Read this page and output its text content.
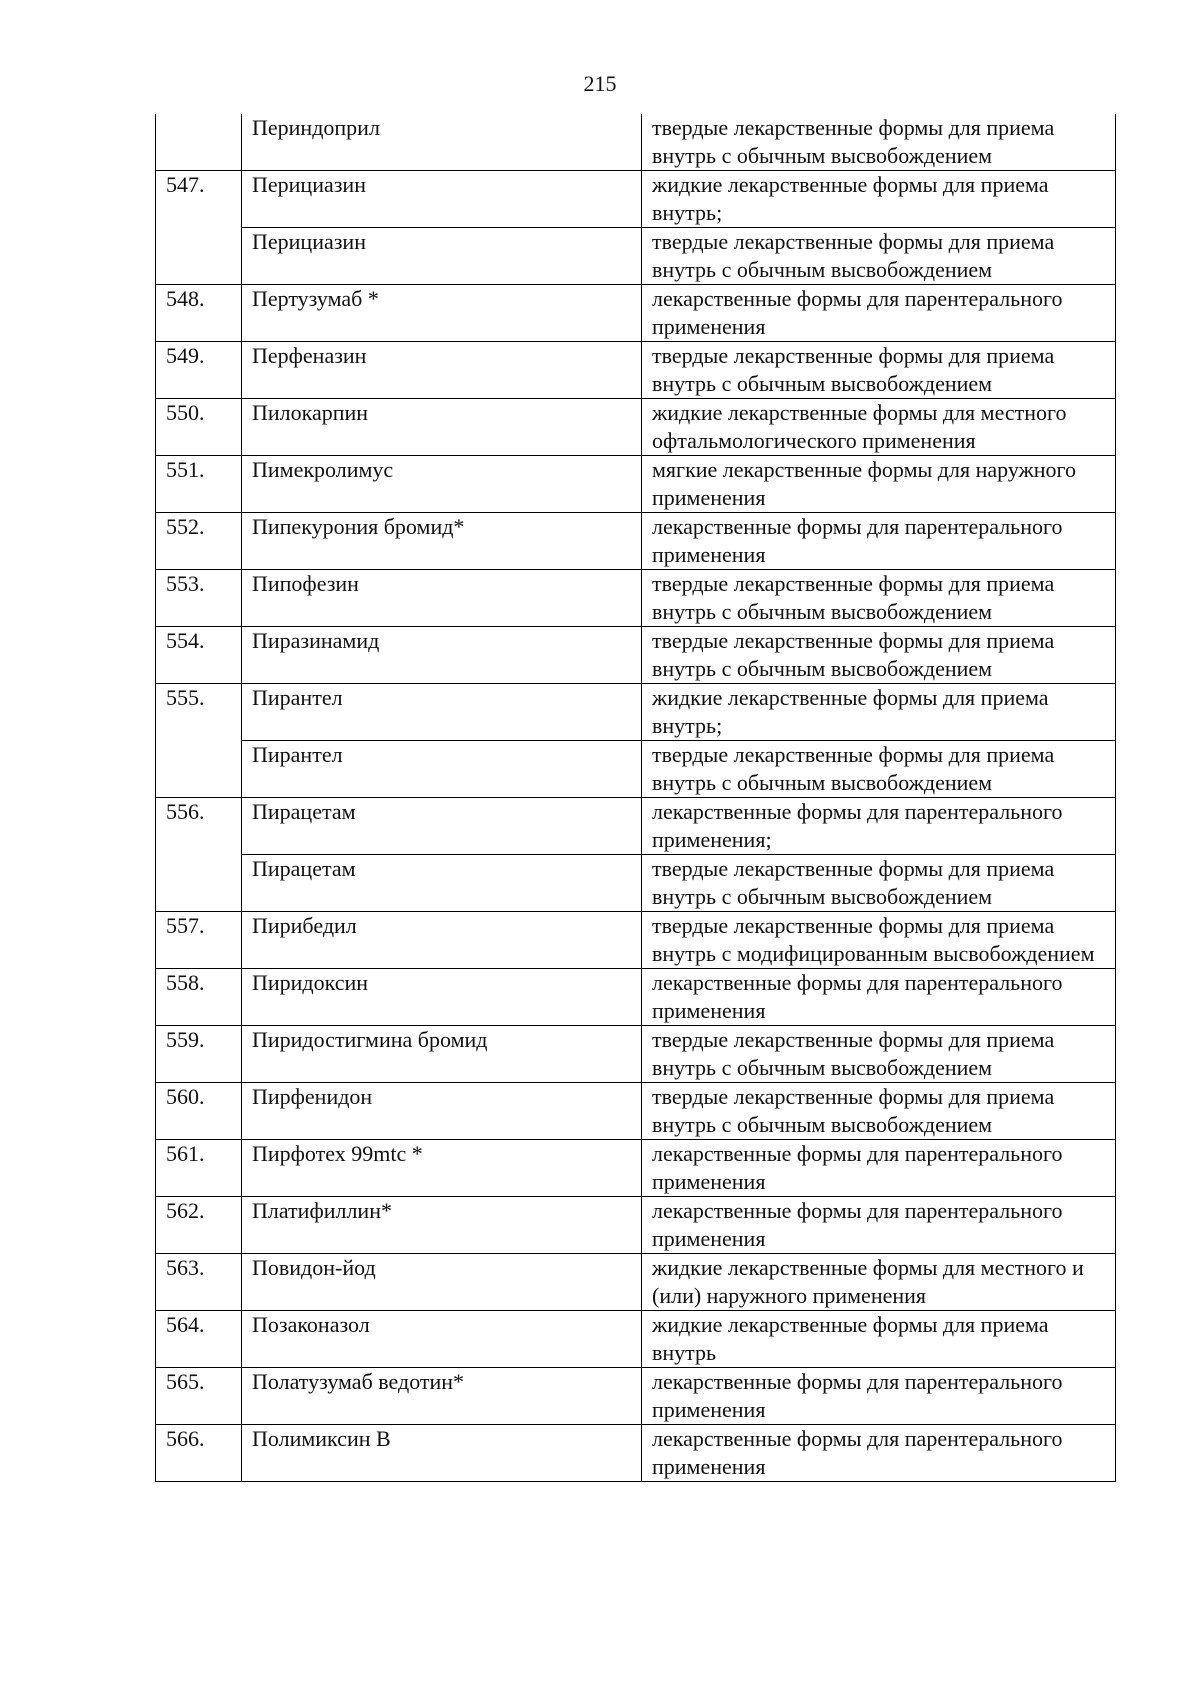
215
	Периндоприл	твердые лекарственные формы для приема внутрь с обычным высвобождением
547.	Перициазин	жидкие лекарственные формы для приема внутрь;
	Перициазин	твердые лекарственные формы для приема внутрь с обычным высвобождением
548.	Пертузумаб *	лекарственные формы для парентерального применения
549.	Перфеназин	твердые лекарственные формы для приема внутрь с обычным высвобождением
550.	Пилокарпин	жидкие лекарственные формы для местного офтальмологического применения
551.	Пимекролимус	мягкие лекарственные формы для наружного применения
552.	Пипекурония бромид*	лекарственные формы для парентерального применения
553.	Пипофезин	твердые лекарственные формы для приема внутрь с обычным высвобождением
554.	Пиразинамид	твердые лекарственные формы для приема внутрь с обычным высвобождением
555.	Пирантел	жидкие лекарственные формы для приема внутрь;
	Пирантел	твердые лекарственные формы для приема внутрь с обычным высвобождением
556.	Пирацетам	лекарственные формы для парентерального применения;
	Пирацетам	твердые лекарственные формы для приема внутрь с обычным высвобождением
557.	Пирибедил	твердые лекарственные формы для приема внутрь с модифицированным высвобождением
558.	Пиридоксин	лекарственные формы для парентерального применения
559.	Пиридостигмина бромид	твердые лекарственные формы для приема внутрь с обычным высвобождением
560.	Пирфенидон	твердые лекарственные формы для приема внутрь с обычным высвобождением
561.	Пирфотех 99mtc *	лекарственные формы для парентерального применения
562.	Платифиллин*	лекарственные формы для парентерального применения
563.	Повидон-йод	жидкие лекарственные формы для местного и (или) наружного применения
564.	Позаконазол	жидкие лекарственные формы для приема внутрь
565.	Полатузумаб ведотин*	лекарственные формы для парентерального применения
566.	Полимиксин В	лекарственные формы для парентерального применения
